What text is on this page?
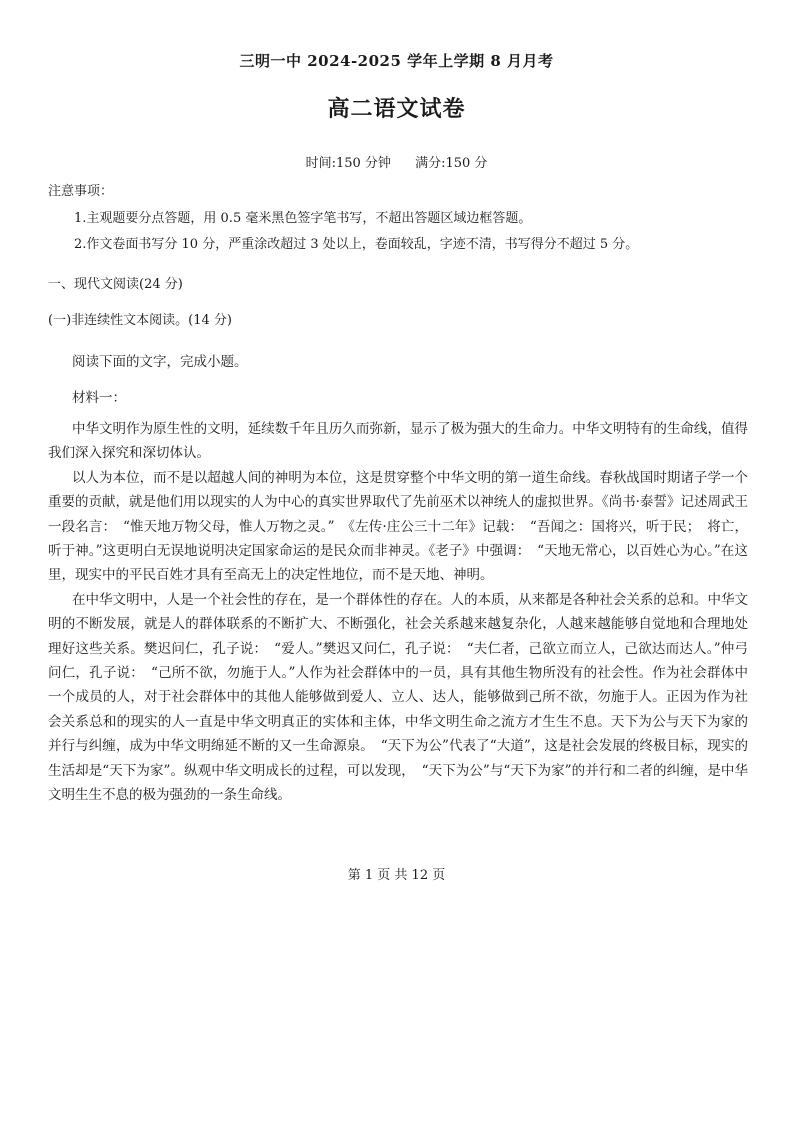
三明一中 2024-2025 学年上学期 8 月月考
高二语文试卷
时间:150 分钟 满分:150 分
注意事项：
1.主观题要分点答题，用 0.5 毫米黑色签字笔书写，不超出答题区域边框答题。
2.作文卷面书写分 10 分，严重涂改超过 3 处以上，卷面较乱，字迹不清，书写得分不超过 5 分。
一、现代文阅读(24 分)
(一)非连续性文本阅读。(14 分)
阅读下面的文字，完成小题。
材料一：

中华文明作为原生性的文明，延续数千年且历久而弥新，显示了极为强大的生命力。中华文明特有的生命线，值得我们深入探究和深切体认。

以人为本位，而不是以超越人间的神明为本位，这是贯穿整个中华文明的第一道生命线。春秋战国时期诸子学一个重要的贡献，就是他们用以现实的人为中心的真实世界取代了先前巫术以神统人的虚拟世界。《尚书·泰誓》记述周武王一段名言：　“惟天地万物父母，惟人万物之灵。”　《左传·庄公三十二年》记载：　“吾闻之：国将兴，听于民；　将亡，听于神。”这更明白无误地说明决定国家命运的是民众而非神灵。《老子》中强调：　“天地无常心，以百姓心为心。”在这里，现实中的平民百姓才具有至高无上的决定性地位，而不是天地、神明。

在中华文明中，人是一个社会性的存在，是一个群体性的存在。人的本质，从来都是各种社会关系的总和。中华文明的不断发展，就是人的群体联系的不断扩大、不断强化，社会关系越来越复杂化，人越来越能够自觉地和合理地处理好这些关系。樊迟问仁，孔子说：　“爱人。”樊迟又问仁，孔子说：　“夫仁者，己欲立而立人，己欲达而达人。”仲弓问仁，孔子说：　“己所不欲，勿施于人。”人作为社会群体中的一员，具有其他生物所没有的社会性。作为社会群体中一个成员的人，对于社会群体中的其他人能够做到爱人、立人、达人，能够做到己所不欲，勿施于人。正因为作为社会关系总和的现实的人一直是中华文明真正的实体和主体，中华文明生命之流方才生生不息。天下为公与天下为家的并行与纠缠，成为中华文明绵延不断的又一生命源泉。　“天下为公”代表了“大道”，这是社会发展的终极目标，现实的生活却是“天下为家”。纵观中华文明成长的过程，可以发现，　“天下为公”与“天下为家”的并行和二者的纠缠，是中华文明生生不息的极为强劲的一条生命线。

第 1 页 共 12 页
